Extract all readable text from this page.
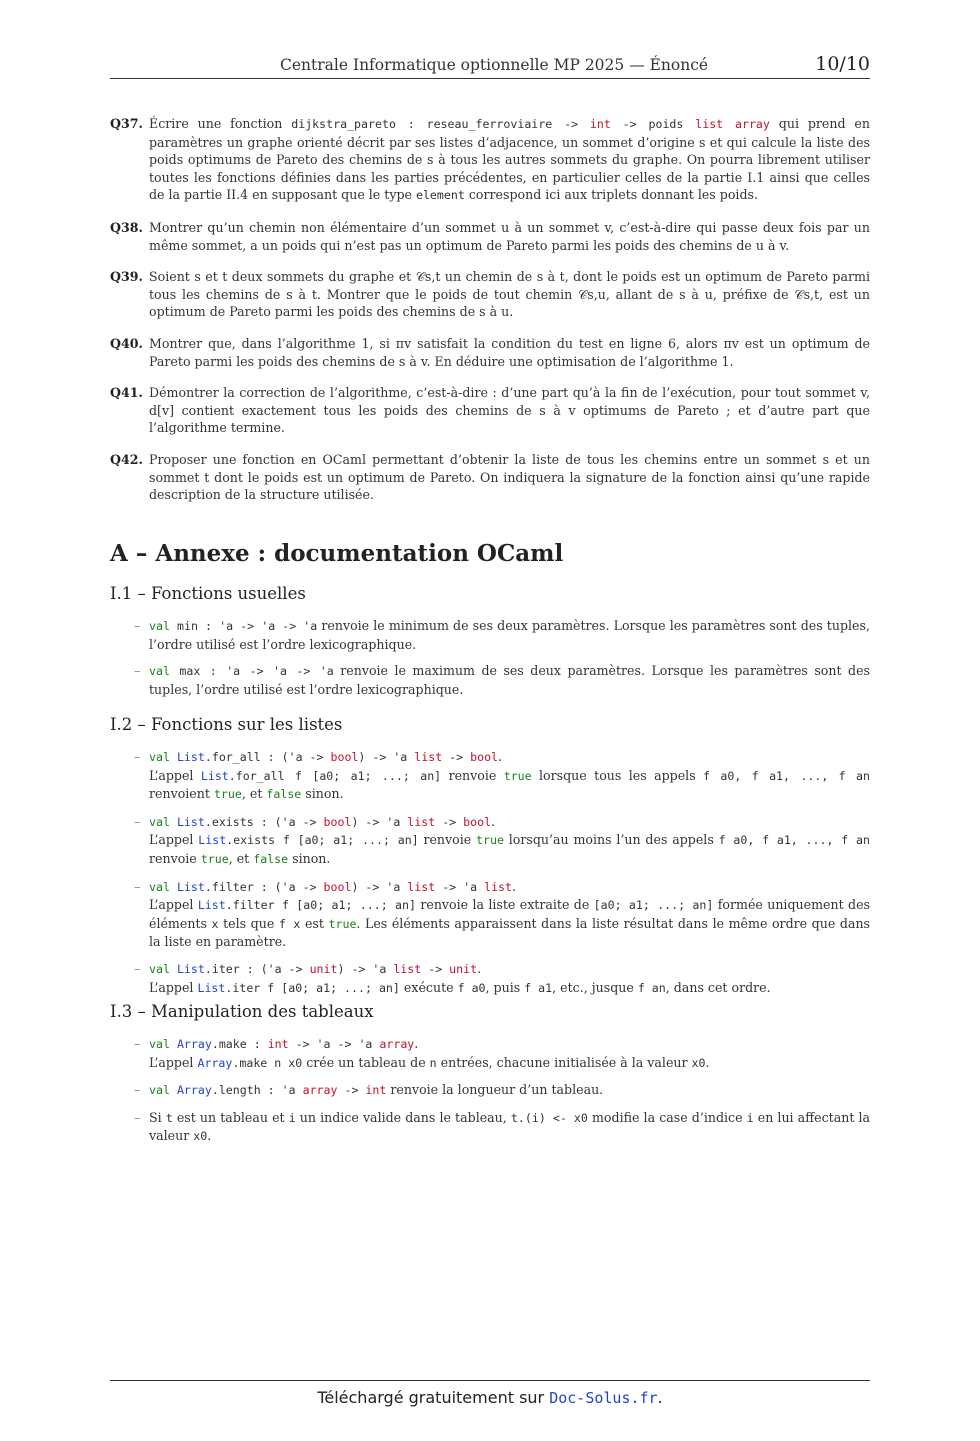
Centrale Informatique optionnelle MP 2025 — Énoncé	10/10
Q37. Écrire une fonction dijkstra_pareto : reseau_ferroviaire -> int -> poids list array qui prend en paramètres un graphe orienté décrit par ses listes d’adjacence, un sommet d’origine s et qui calcule la liste des poids optimums de Pareto des chemins de s à tous les autres sommets du graphe. On pourra librement utiliser toutes les fonctions définies dans les parties précédentes, en particulier celles de la partie I.1 ainsi que celles de la partie II.4 en supposant que le type element correspond ici aux triplets donnant les poids.
Q38. Montrer qu’un chemin non élémentaire d’un sommet u à un sommet v, c’est-à-dire qui passe deux fois par un même sommet, a un poids qui n’est pas un optimum de Pareto parmi les poids des chemins de u à v.
Q39. Soient s et t deux sommets du graphe et 𝒞s,t un chemin de s à t, dont le poids est un optimum de Pareto parmi tous les chemins de s à t. Montrer que le poids de tout chemin 𝒞s,u, allant de s à u, préfixe de 𝒞s,t, est un optimum de Pareto parmi les poids des chemins de s à u.
Q40. Montrer que, dans l’algorithme 1, si πv satisfait la condition du test en ligne 6, alors πv est un optimum de Pareto parmi les poids des chemins de s à v. En déduire une optimisation de l’algorithme 1.
Q41. Démontrer la correction de l’algorithme, c’est-à-dire : d’une part qu’à la fin de l’exécution, pour tout sommet v, d[v] contient exactement tous les poids des chemins de s à v optimums de Pareto ; et d’autre part que l’algorithme termine.
Q42. Proposer une fonction en OCaml permettant d’obtenir la liste de tous les chemins entre un sommet s et un sommet t dont le poids est un optimum de Pareto. On indiquera la signature de la fonction ainsi qu’une rapide description de la structure utilisée.
A – Annexe : documentation OCaml
I.1 – Fonctions usuelles
– val min : 'a -> 'a -> 'a renvoie le minimum de ses deux paramètres. Lorsque les paramètres sont des tuples, l’ordre utilisé est l’ordre lexicographique.
– val max : 'a -> 'a -> 'a renvoie le maximum de ses deux paramètres. Lorsque les paramètres sont des tuples, l’ordre utilisé est l’ordre lexicographique.
I.2 – Fonctions sur les listes
– val List.for_all : ('a -> bool) -> 'a list -> bool.
L’appel List.for_all f [a0; a1; ...; an] renvoie true lorsque tous les appels f a0, f a1, ..., f an renvoient true, et false sinon.
– val List.exists : ('a -> bool) -> 'a list -> bool.
L’appel List.exists f [a0; a1; ...; an] renvoie true lorsqu’au moins l’un des appels f a0, f a1, ..., f an renvoie true, et false sinon.
– val List.filter : ('a -> bool) -> 'a list -> 'a list.
L’appel List.filter f [a0; a1; ...; an] renvoie la liste extraite de [a0; a1; ...; an] formée uniquement des éléments x tels que f x est true. Les éléments apparaissent dans la liste résultat dans le même ordre que dans la liste en paramètre.
– val List.iter : ('a -> unit) -> 'a list -> unit.
L’appel List.iter f [a0; a1; ...; an] exécute f a0, puis f a1, etc., jusque f an, dans cet ordre.
I.3 – Manipulation des tableaux
– val Array.make : int -> 'a -> 'a array.
L’appel Array.make n x0 crée un tableau de n entrées, chacune initialisée à la valeur x0.
– val Array.length : 'a array -> int renvoie la longueur d’un tableau.
– Si t est un tableau et i un indice valide dans le tableau, t.(i) <- x0 modifie la case d’indice i en lui affectant la valeur x0.
Téléchargé gratuitement sur Doc-Solus.fr.
